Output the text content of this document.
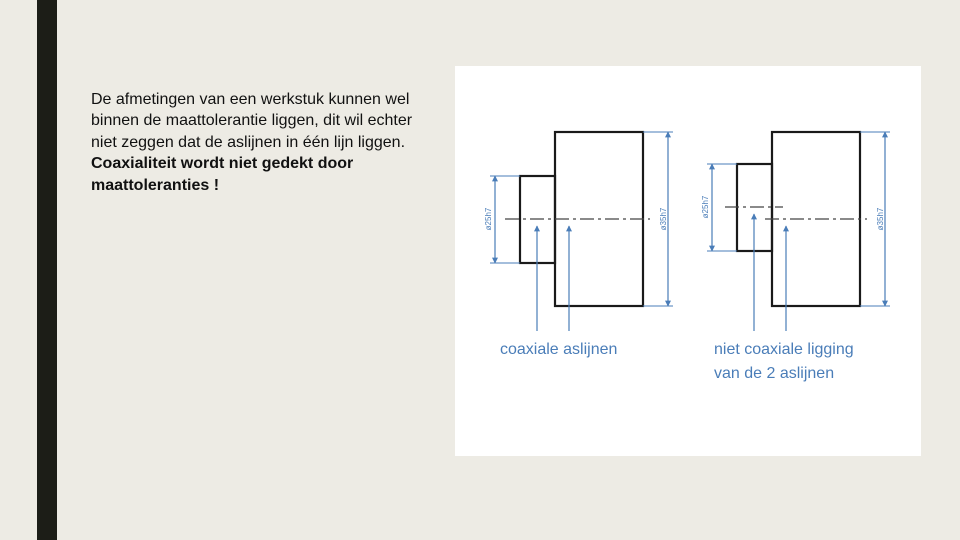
De afmetingen van een werkstuk kunnen wel binnen de maattolerantie liggen, dit wil echter niet zeggen dat de aslijnen in één lijn liggen.

Coaxialiteit wordt niet gedekt door maattoleranties !

ø25h7	ø35h7
ø25h7
ø35h7
coaxiale aslijnen	niet coaxiale ligging
van de 2 aslijnen
